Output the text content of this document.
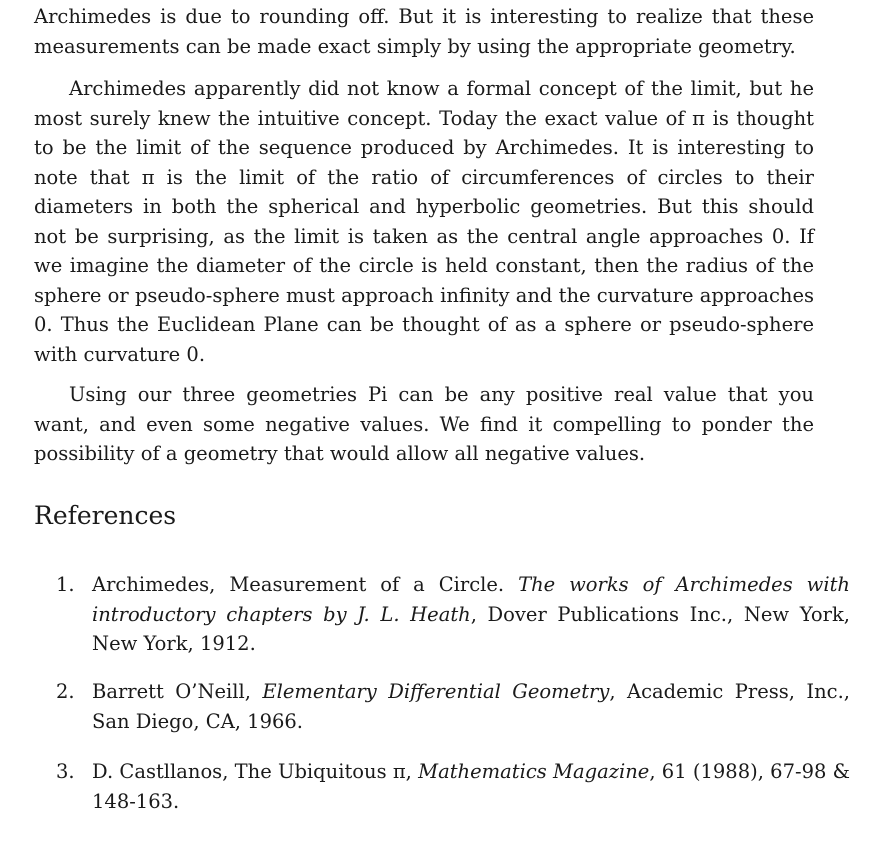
Archimedes is due to rounding off. But it is interesting to realize that these measurements can be made exact simply by using the appropriate geometry.

Archimedes apparently did not know a formal concept of the limit, but he most surely knew the intuitive concept. Today the exact value of π is thought to be the limit of the sequence produced by Archimedes. It is interesting to note that π is the limit of the ratio of circumferences of circles to their diameters in both the spherical and hyperbolic geometries. But this should not be surprising, as the limit is taken as the central angle approaches 0. If we imagine the diameter of the circle is held constant, then the radius of the sphere or pseudo-sphere must approach infinity and the curvature approaches 0. Thus the Euclidean Plane can be thought of as a sphere or pseudo-sphere with curvature 0.

Using our three geometries Pi can be any positive real value that you want, and even some negative values. We find it compelling to ponder the possibility of a geometry that would allow all negative values.

References
1. Archimedes, Measurement of a Circle. The works of Archimedes with introductory chapters by J. L. Heath, Dover Publications Inc., New York, New York, 1912.
2. Barrett O’Neill, Elementary Differential Geometry, Academic Press, Inc., San Diego, CA, 1966.
3. D. Castllanos, The Ubiquitous π, Mathematics Magazine, 61 (1988), 67-98 & 148-163.
